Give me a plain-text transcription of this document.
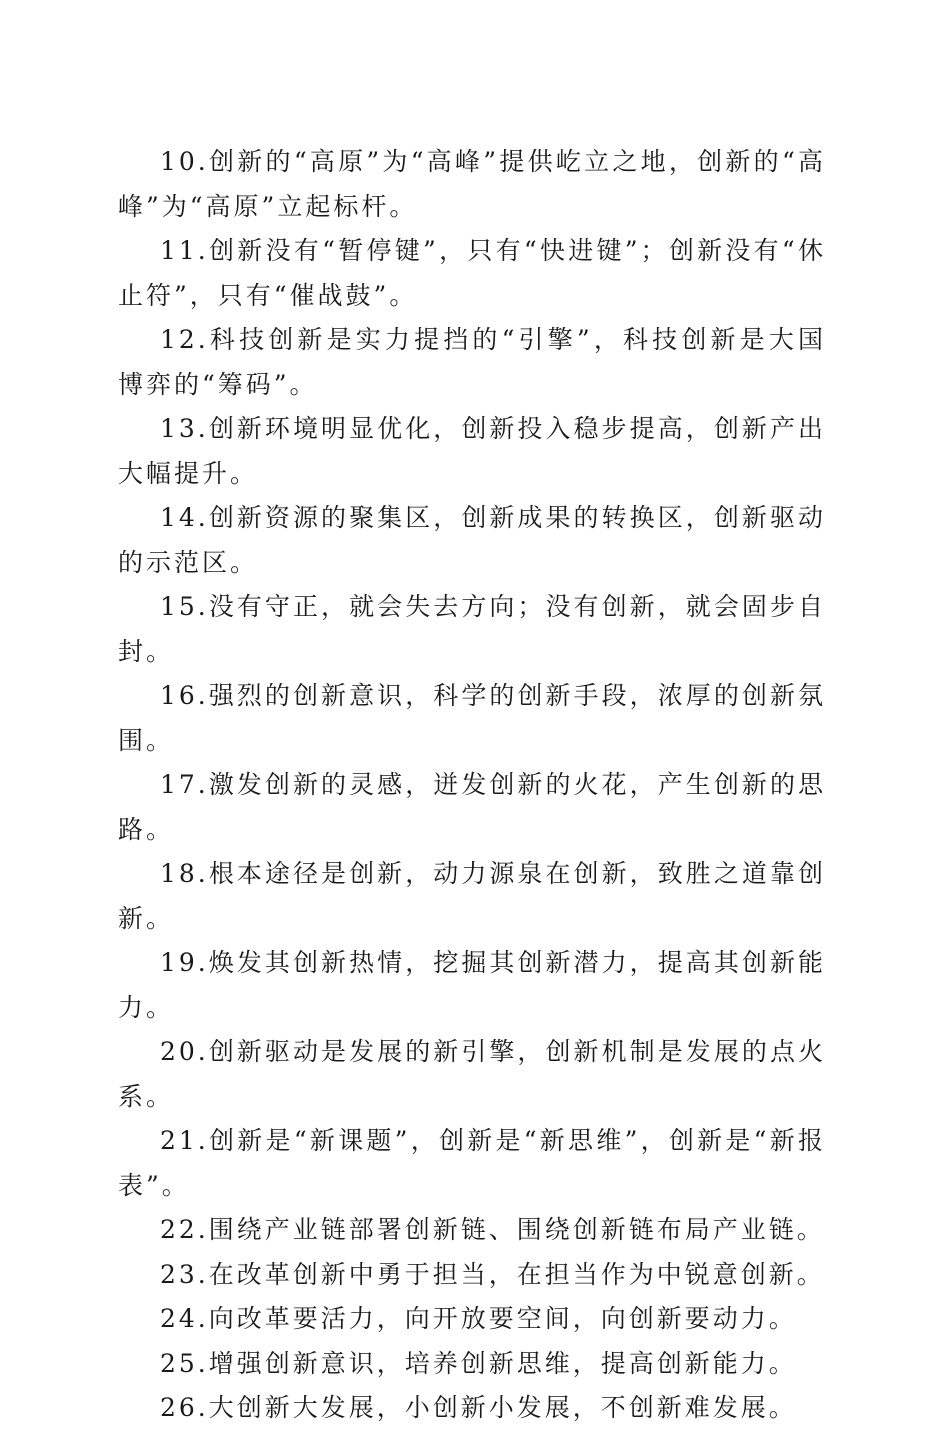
10.创新的“高原”为“高峰”提供屹立之地，创新的“高峰”为“高原”立起标杆。

11.创新没有“暂停键”，只有“快进键”；创新没有“休止符”，只有“催战鼓”。

12.科技创新是实力提挡的“引擎”，科技创新是大国博弈的“筹码”。

13.创新环境明显优化，创新投入稳步提高，创新产出大幅提升。

14.创新资源的聚集区，创新成果的转换区，创新驱动的示范区。

15.没有守正，就会失去方向；没有创新，就会固步自封。

16.强烈的创新意识，科学的创新手段，浓厚的创新氛围。

17.激发创新的灵感，迸发创新的火花，产生创新的思路。

18.根本途径是创新，动力源泉在创新，致胜之道靠创新。

19.焕发其创新热情，挖掘其创新潜力，提高其创新能力。

20.创新驱动是发展的新引擎，创新机制是发展的点火系。

21.创新是“新课题”，创新是“新思维”，创新是“新报表”。

22.围绕产业链部署创新链、围绕创新链布局产业链。

23.在改革创新中勇于担当，在担当作为中锐意创新。

24.向改革要活力，向开放要空间，向创新要动力。

25.增强创新意识，培养创新思维，提高创新能力。

26.大创新大发展，小创新小发展，不创新难发展。
